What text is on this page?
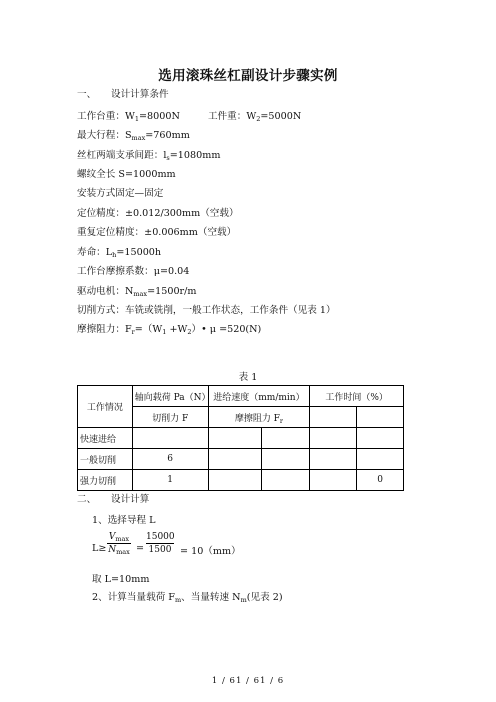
选用滚珠丝杠副设计步骤实例
一、 设计计算条件
工作台重：$W_1=8000N$	工件重：$W_2=5000N$
最大行程：$S_{max}=760mm$
丝杠两端支承间距：$l_s=1080mm$
螺纹全长 S=1000mm
安装方式固定—固定
定位精度：±0.012/300mm（空载）
重复定位精度：±0.006mm（空载）
寿命：$L_h=15000h$
工作台摩擦系数：μ=0.04
驱动电机：$N_{max}=1500r/m$
切削方式：车铣或铣削，一般工作状态，工作条件（见表 1）
摩擦阻力：$F_r=(W_1$ $+W_2)•$ μ =520(N)
表 1
工作情况	轴向载荷 Pa（N）	进给速度（mm/min）		工作时间（%）	
	切削力 F	摩擦阻力 $F_r$		
快速进给					
一般切削	6				
强力切削	1				0
二、 设计计算
1、选择导程 L
L≥
$V_{max}$
$N_{max}$ =
15000
1500 = 10（mm）
取 L=10mm
2、计算当量载荷 $F_m$、当量转速 $N_m$(见表 2)
1 / 61 / 61 / 6
